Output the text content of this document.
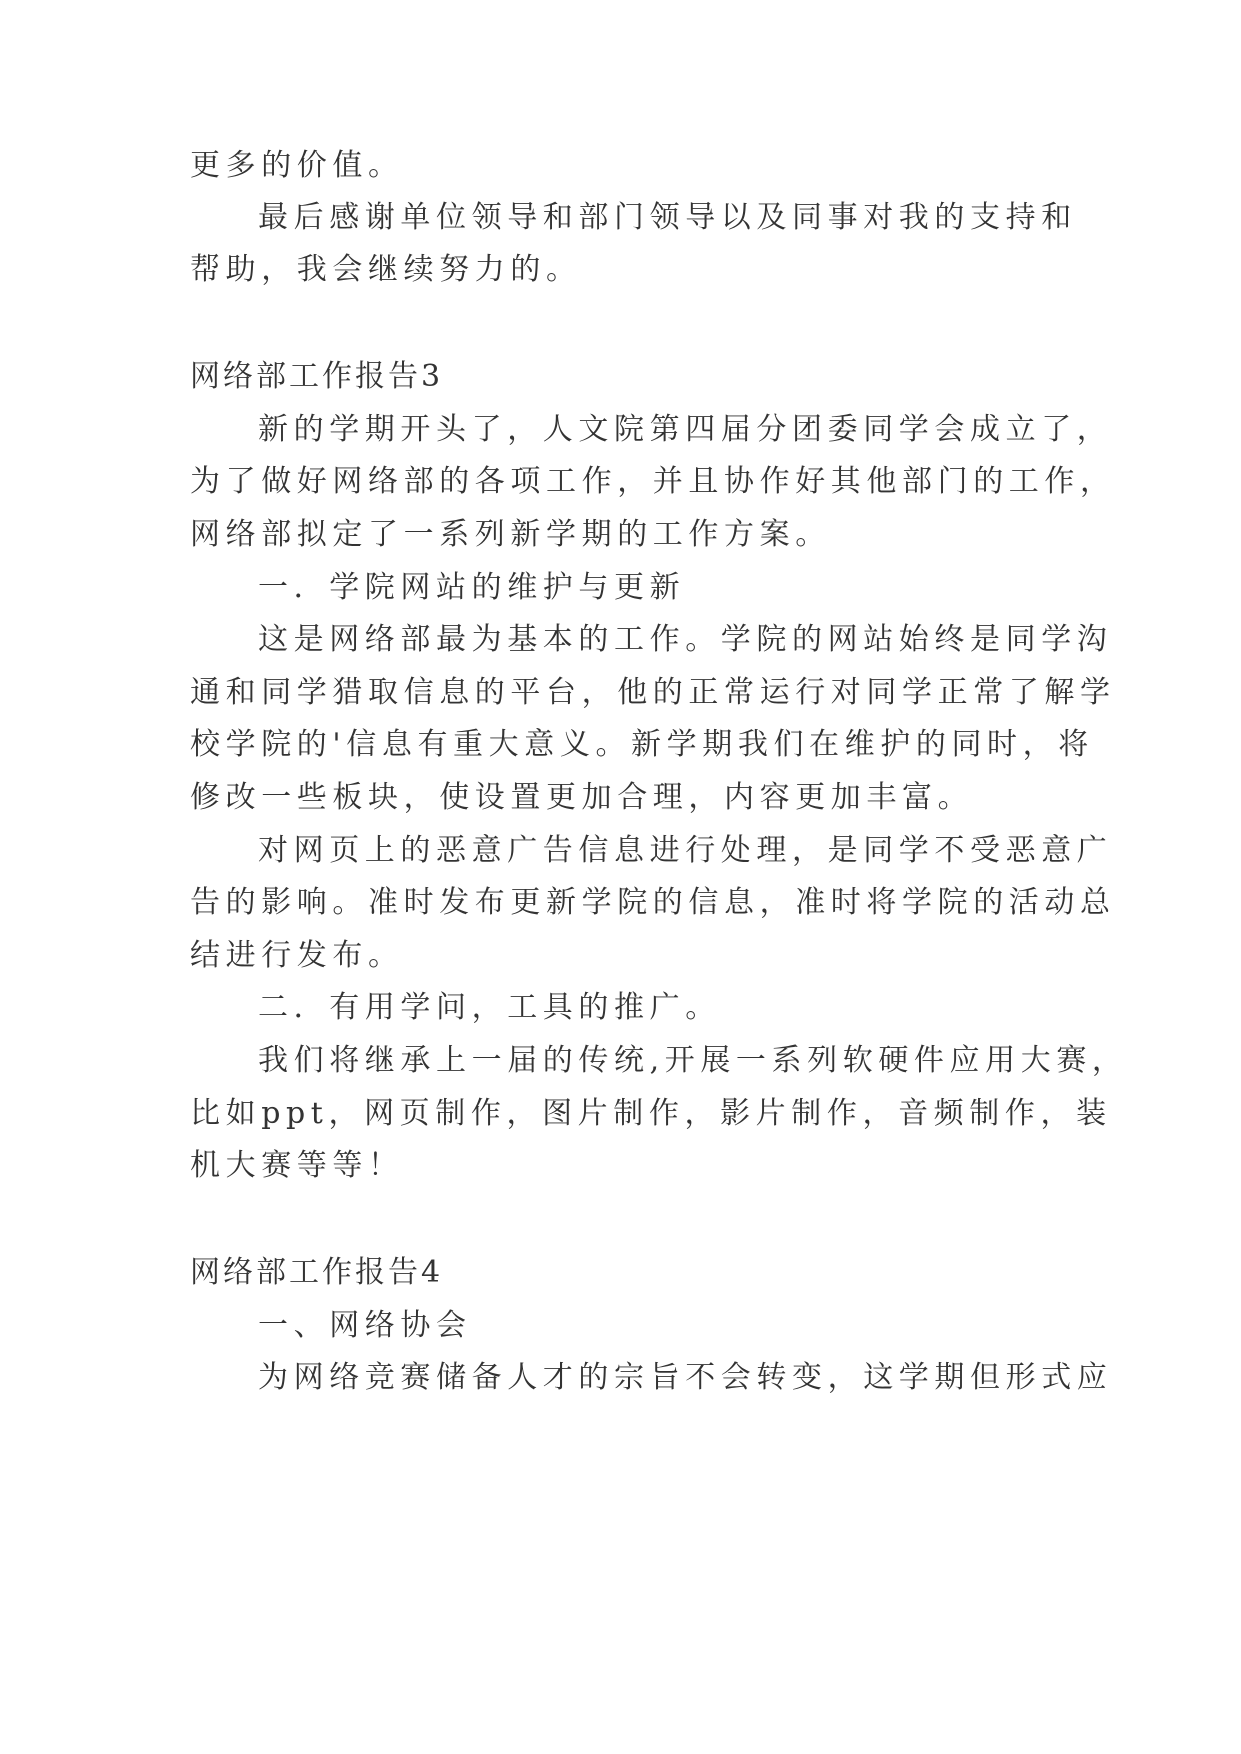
更多的价值。
最后感谢单位领导和部门领导以及同事对我的支持和
帮助，我会继续努力的。
网络部工作报告3
新的学期开头了，人文院第四届分团委同学会成立了，
为了做好网络部的各项工作，并且协作好其他部门的工作，
网络部拟定了一系列新学期的工作方案。
一．学院网站的维护与更新
这是网络部最为基本的工作。学院的网站始终是同学沟
通和同学猎取信息的平台，他的正常运行对同学正常了解学
校学院的'信息有重大意义。新学期我们在维护的同时，将
修改一些板块，使设置更加合理，内容更加丰富。
对网页上的恶意广告信息进行处理，是同学不受恶意广
告的影响。准时发布更新学院的信息，准时将学院的活动总
结进行发布。
二．有用学问，工具的推广。
我们将继承上一届的传统,开展一系列软硬件应用大赛，
比如ppt，网页制作，图片制作，影片制作，音频制作，装
机大赛等等！
网络部工作报告4
一、网络协会
为网络竞赛储备人才的宗旨不会转变，这学期但形式应
